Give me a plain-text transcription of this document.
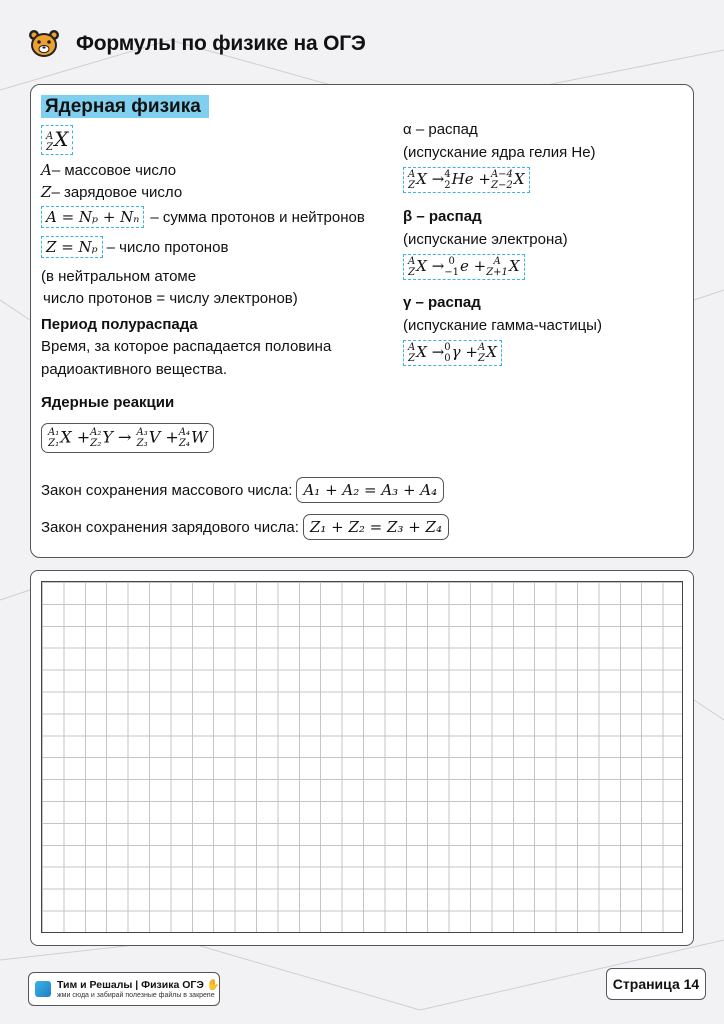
Формулы по физике на ОГЭ
Ядерная физика
A
Z X
A– массовое число
Z– зарядовое число
A = Nₚ + Nₙ – сумма протонов и нейтронов
Z = Nₚ – число протонов
(в нейтральном атоме
число протонов = числу электронов)
Период полураспада
Время, за которое распадается половина
радиоактивного вещества.
Ядерные реакции
A₁
Z₁ X + A₂
Z₂ Y → A₃
Z₃ V + A₄
Z₄ W
Закон сохранения массового числа: A₁ + A₂ = A₃ + A₄
Закон сохранения зарядового числа: Z₁ + Z₂ = Z₃ + Z₄
α – распад
(испускание ядра гелия He)
A
Z X → 4
2 He + A−4
Z−2 X
β – распад
(испускание электрона)
A
Z X → 0
−1 e + A
Z+1 X
γ – распад
(испускание гамма-частицы)
A
Z X → 0
0 γ + A
Z X
Тим и Решалы | Физика ОГЭ ✋
жми сюда и забирай полезные файлы в закрепе
Страница 14
